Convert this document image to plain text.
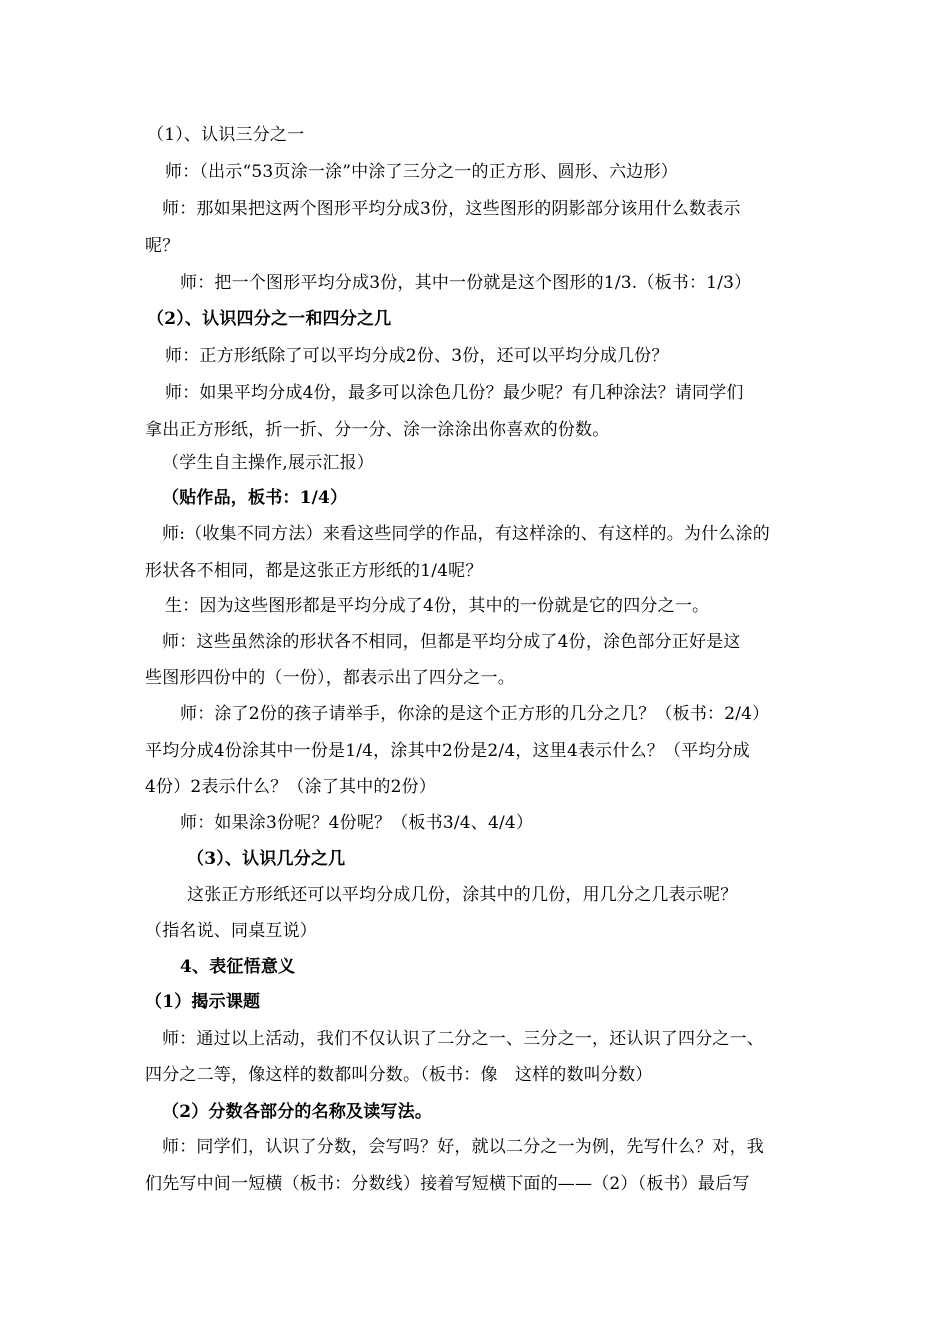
（1）、认识三分之一
师：（出示“53页涂一涂”中涂了三分之一的正方形、圆形、六边形）
师：那如果把这两个图形平均分成3份，这些图形的阴影部分该用什么数表示
呢？
师：把一个图形平均分成3份，其中一份就是这个图形的1/3.（板书：1/3）
（2）、认识四分之一和四分之几
师：正方形纸除了可以平均分成2份、3份，还可以平均分成几份？
师：如果平均分成4份，最多可以涂色几份？最少呢？有几种涂法？请同学们
拿出正方形纸，折一折、分一分、涂一涂涂出你喜欢的份数。
（学生自主操作,展示汇报）
（贴作品，板书：1/4）
师:（收集不同方法）来看这些同学的作品，有这样涂的、有这样的。为什么涂的
形状各不相同，都是这张正方形纸的1/4呢？
生：因为这些图形都是平均分成了4份，其中的一份就是它的四分之一。
师：这些虽然涂的形状各不相同，但都是平均分成了4份，涂色部分正好是这
些图形四份中的（一份），都表示出了四分之一。
师：涂了2份的孩子请举手，你涂的是这个正方形的几分之几？（板书：2/4）
平均分成4份涂其中一份是1/4，涂其中2份是2/4，这里4表示什么？（平均分成
4份）2表示什么？（涂了其中的2份）
师：如果涂3份呢？4份呢？（板书3/4、4/4）
（3）、认识几分之几
这张正方形纸还可以平均分成几份，涂其中的几份，用几分之几表示呢？
（指名说、同桌互说）
4、表征悟意义
（1）揭示课题
师：通过以上活动，我们不仅认识了二分之一、三分之一，还认识了四分之一、
四分之二等，像这样的数都叫分数。（板书：像　这样的数叫分数）
（2）分数各部分的名称及读写法。
师：同学们，认识了分数，会写吗？好，就以二分之一为例，先写什么？对，我
们先写中间一短横（板书：分数线）接着写短横下面的——（2）（板书）最后写
